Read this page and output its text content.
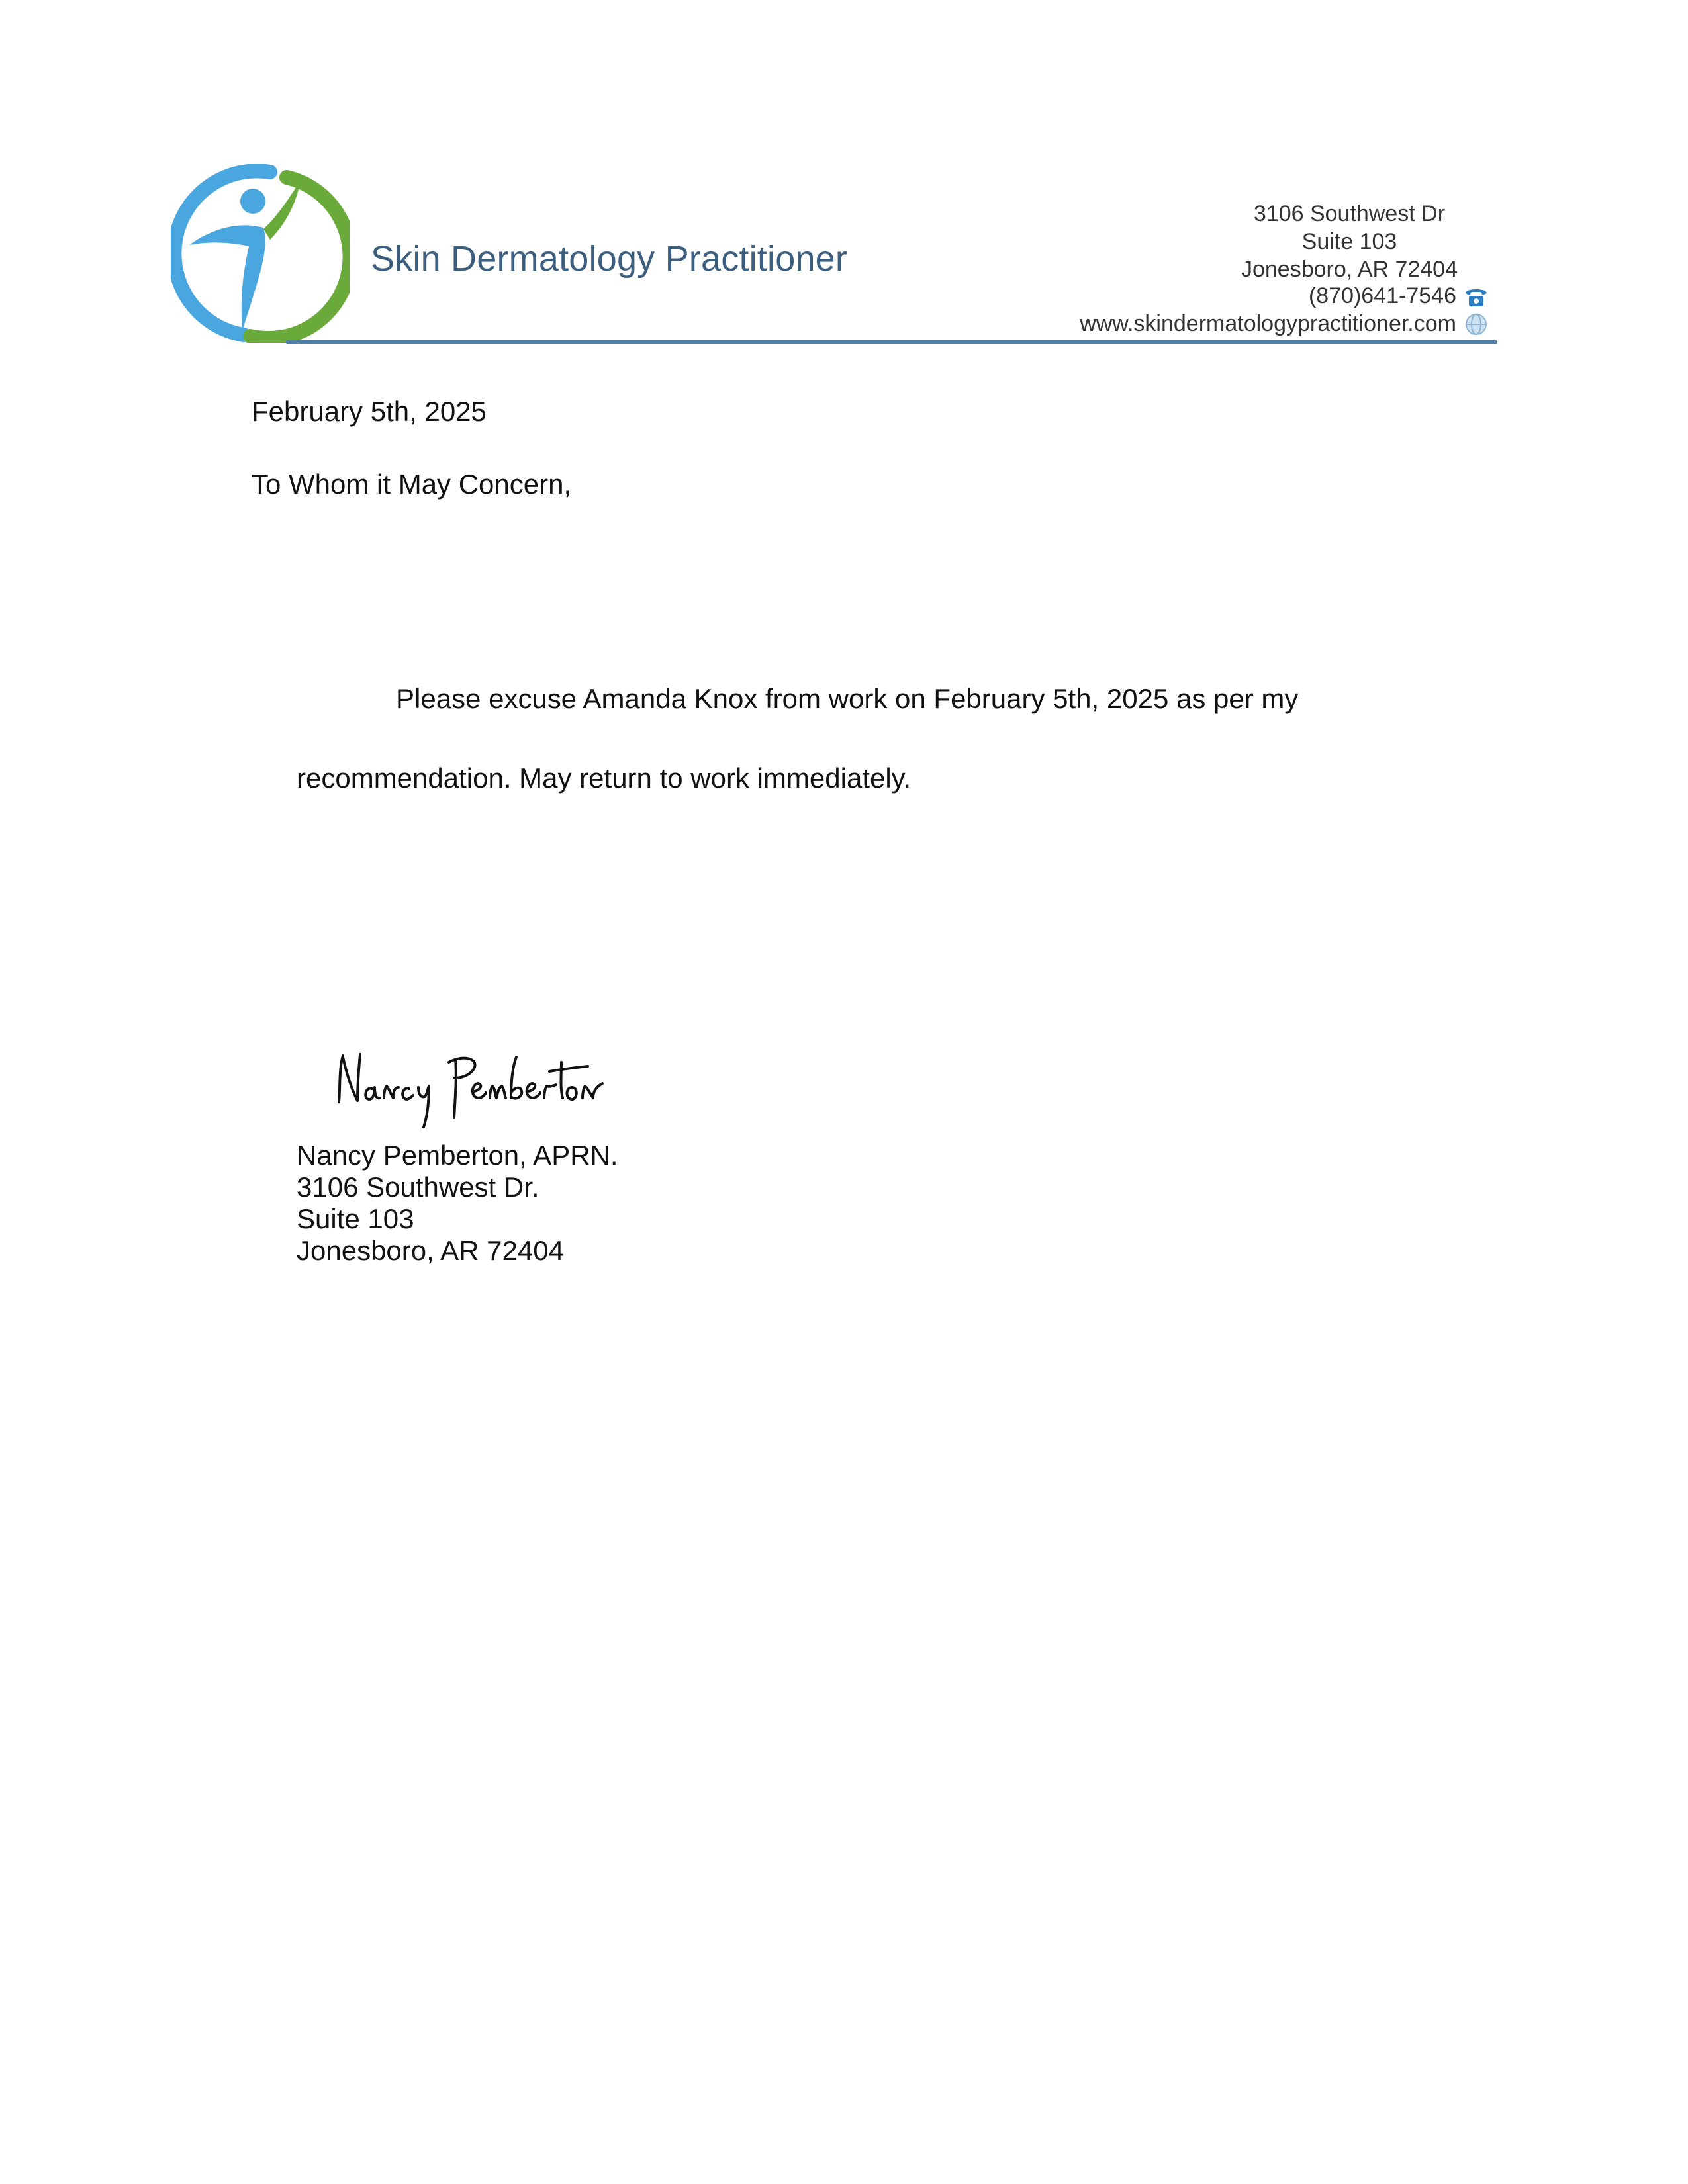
Skin Dermatology Practitioner
3106 Southwest Dr
Suite 103
Jonesboro, AR 72404
(870)641-7546
www.skindermatologypractitioner.com
February 5th, 2025
To Whom it May Concern,
Please excuse Amanda Knox from work on February 5th, 2025 as per my
recommendation. May return to work immediately.
Nancy Pemberton, APRN.
3106 Southwest Dr.
Suite 103
Jonesboro, AR 72404
